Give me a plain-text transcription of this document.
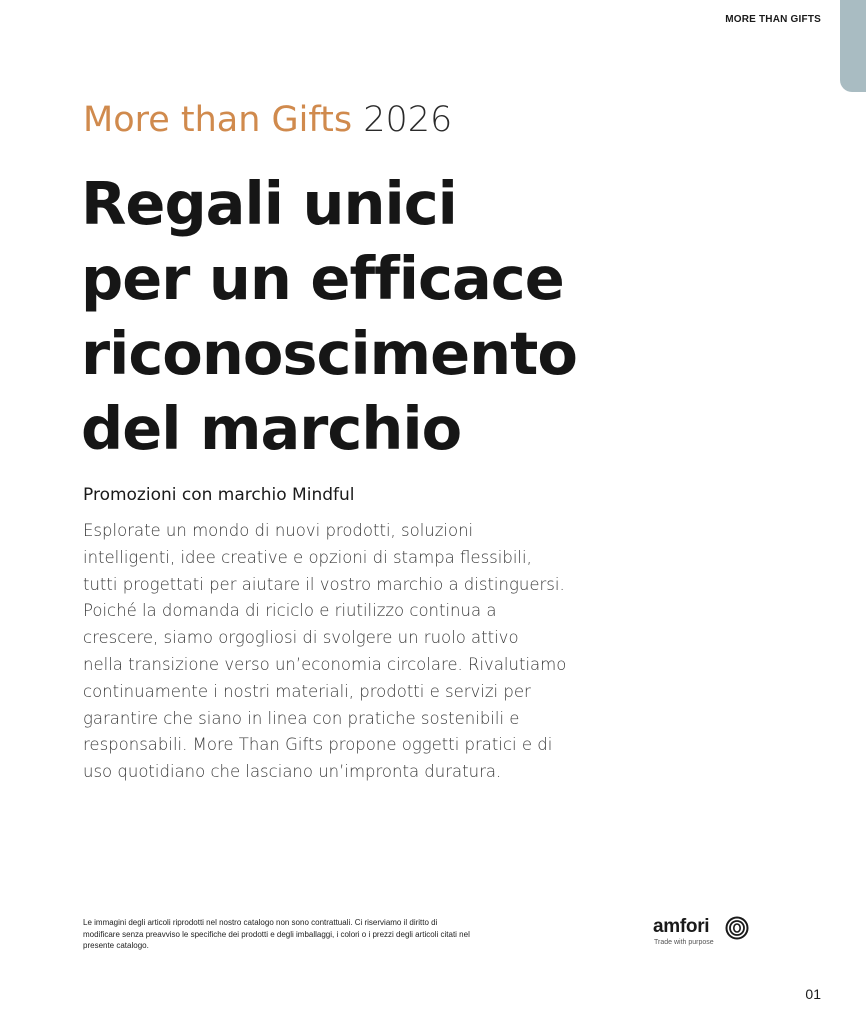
MORE THAN GIFTS
More than Gifts 2026
Regali unici
per un efficace
riconoscimento
del marchio
Promozioni con marchio Mindful
Esplorate un mondo di nuovi prodotti, soluzioni
intelligenti, idee creative e opzioni di stampa flessibili,
tutti progettati per aiutare il vostro marchio a distinguersi.
Poiché la domanda di riciclo e riutilizzo continua a
crescere, siamo orgogliosi di svolgere un ruolo attivo
nella transizione verso un’economia circolare. Rivalutiamo
continuamente i nostri materiali, prodotti e servizi per
garantire che siano in linea con pratiche sostenibili e
responsabili. More Than Gifts propone oggetti pratici e di
uso quotidiano che lasciano un’impronta duratura.
Le immagini degli articoli riprodotti nel nostro catalogo non sono contrattuali. Ci riserviamo il diritto di
modificare senza preavviso le specifiche dei prodotti e degli imballaggi, i colori o i prezzi degli articoli citati nel
presente catalogo.
amfori
Trade with purpose
01
